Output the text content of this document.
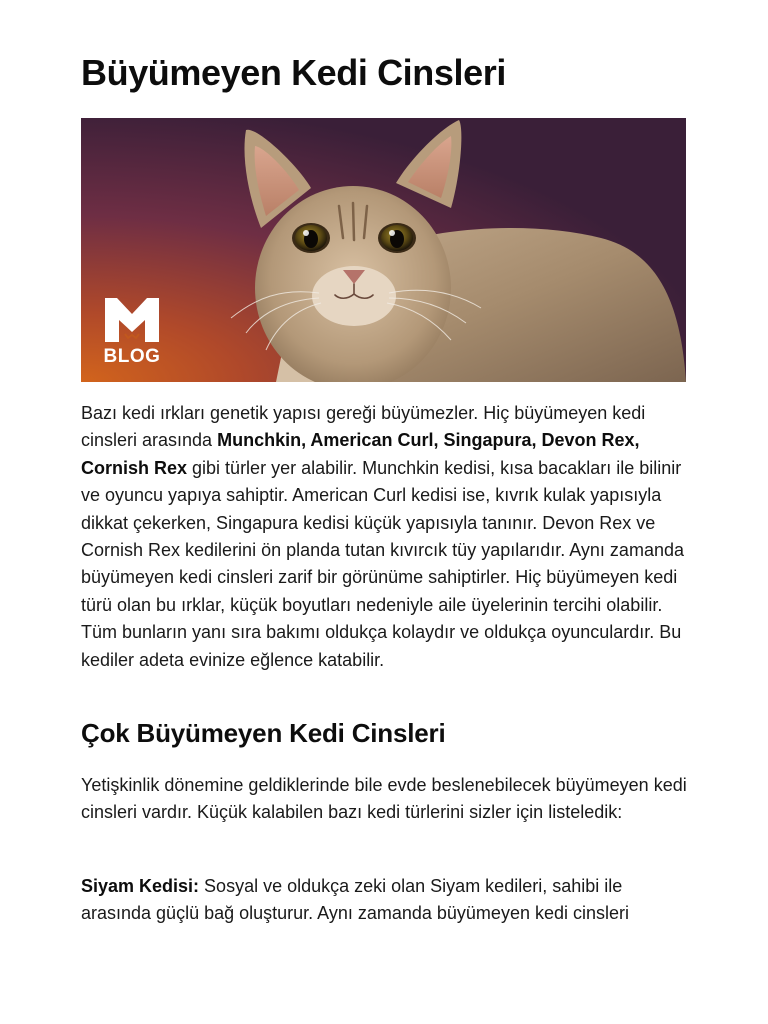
Büyümeyen Kedi Cinsleri
BLOG

Bazı kedi ırkları genetik yapısı gereği büyümezler. Hiç büyümeyen kedi cinsleri arasında Munchkin, American Curl, Singapura, Devon Rex, Cornish Rex gibi türler yer alabilir. Munchkin kedisi, kısa bacakları ile bilinir ve oyuncu yapıya sahiptir. American Curl kedisi ise, kıvrık kulak yapısıyla dikkat çekerken, Singapura kedisi küçük yapısıyla tanınır. Devon Rex ve Cornish Rex kedilerini ön planda tutan kıvırcık tüy yapılarıdır. Aynı zamanda büyümeyen kedi cinsleri zarif bir görünüme sahiptirler. Hiç büyümeyen kedi türü olan bu ırklar, küçük boyutları nedeniyle aile üyelerinin tercihi olabilir. Tüm bunların yanı sıra bakımı oldukça kolaydır ve oldukça oyunculardır. Bu kediler adeta evinize eğlence katabilir.

Çok Büyümeyen Kedi Cinsleri

Yetişkinlik dönemine geldiklerinde bile evde beslenebilecek büyümeyen kedi cinsleri vardır. Küçük kalabilen bazı kedi türlerini sizler için listeledik:

Siyam Kedisi: Sosyal ve oldukça zeki olan Siyam kedileri, sahibi ile arasında güçlü bağ oluşturur. Aynı zamanda büyümeyen kedi cinsleri
